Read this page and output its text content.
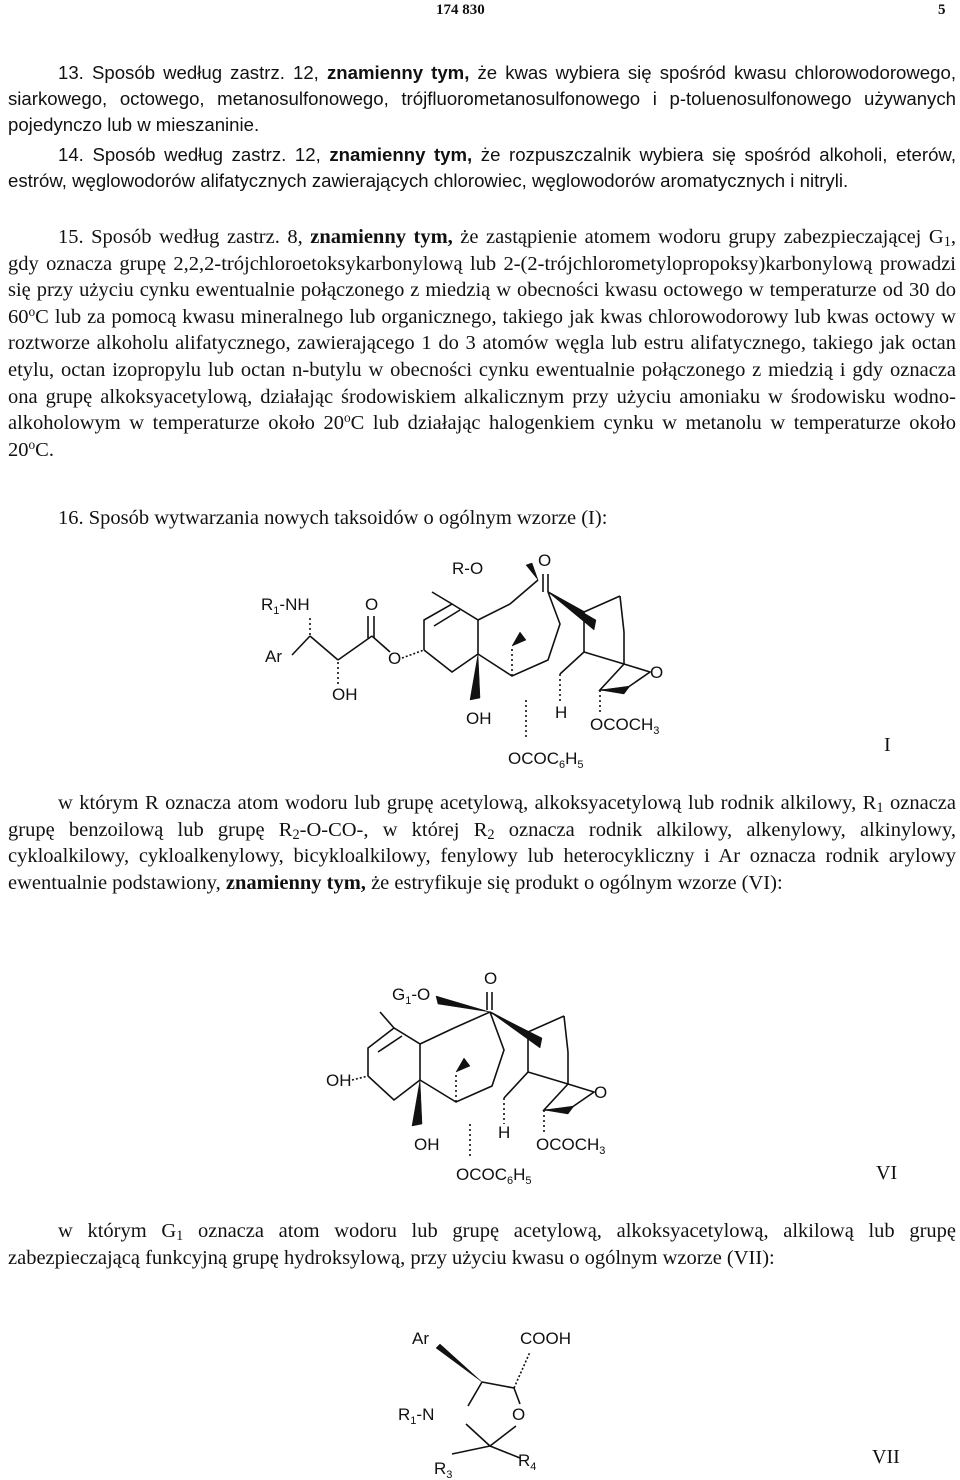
174 830	5

13. Sposób według zastrz. 12, znamienny tym, że kwas wybiera się spośród kwasu chlorowodorowego, siarkowego, octowego, metanosulfonowego, trójfluorometanosulfonowego i p-toluenosulfonowego używanych pojedynczo lub w mieszaninie.

14. Sposób według zastrz. 12, znamienny tym, że rozpuszczalnik wybiera się spośród alkoholi, eterów, estrów, węglowodorów alifatycznych zawierających chlorowiec, węglowodorów aromatycznych i nitryli.

15. Sposób według zastrz. 8, znamienny tym, że zastąpienie atomem wodoru grupy zabezpieczającej $G_1$, gdy oznacza grupę 2,2,2-trójchloroetoksykarbonylową lub 2-(2-trójchlorometylopropoksy)karbonylową prowadzi się przy użyciu cynku ewentualnie połączonego z miedzią w obecności kwasu octowego w temperaturze od 30 do 60$^o$C lub za pomocą kwasu mineralnego lub organicznego, takiego jak kwas chlorowodorowy lub kwas octowy w roztworze alkoholu alifatycznego, zawierającego 1 do 3 atomów węgla lub estru alifatycznego, takiego jak octan etylu, octan izopropylu lub octan n-butylu w obecności cynku ewentualnie połączonego z miedzią i gdy oznacza ona grupę alkoksyacetylową, działając środowiskiem alkalicznym przy użyciu amoniaku w środowisku wodno-alkoholowym w temperaturze około 20$^o$C lub działając halogenkiem cynku w metanolu w temperaturze około 20$^o$C.

16. Sposób wytwarzania nowych taksoidów o ogólnym wzorze (I):

$R_1-NH$	O
Ar
OH
O
OH
R-O	O
O
H
$OCOCH_3$
$OCOC_6H_5$
I

w którym R oznacza atom wodoru lub grupę acetylową, alkoksyacetylową lub rodnik alkilowy, $R_1$ oznacza grupę benzoilową lub grupę $R_2-O-CO-$, w której $R_2$ oznacza rodnik alkilowy, alkenylowy, alkinylowy, cykloalkilowy, cykloalkenylowy, bicykloalkilowy, fenylowy lub heterocykliczny i Ar oznacza rodnik arylowy ewentualnie podstawiony, znamienny tym, że estryfikuje się produkt o ogólnym wzorze (VI):

$G_1-O$
O
OH
OH
O
H
$OCOCH_3$
$OCOC_6H_5$	VI

w którym $G_1$ oznacza atom wodoru lub grupę acetylową, alkoksyacetylową, alkilową lub grupę zabezpieczającą funkcyjną grupę hydroksylową, przy użyciu kwasu o ogólnym wzorze (VII):

Ar	COOH
$R_1-N$	O
$R_3$
$R_4$	VII
